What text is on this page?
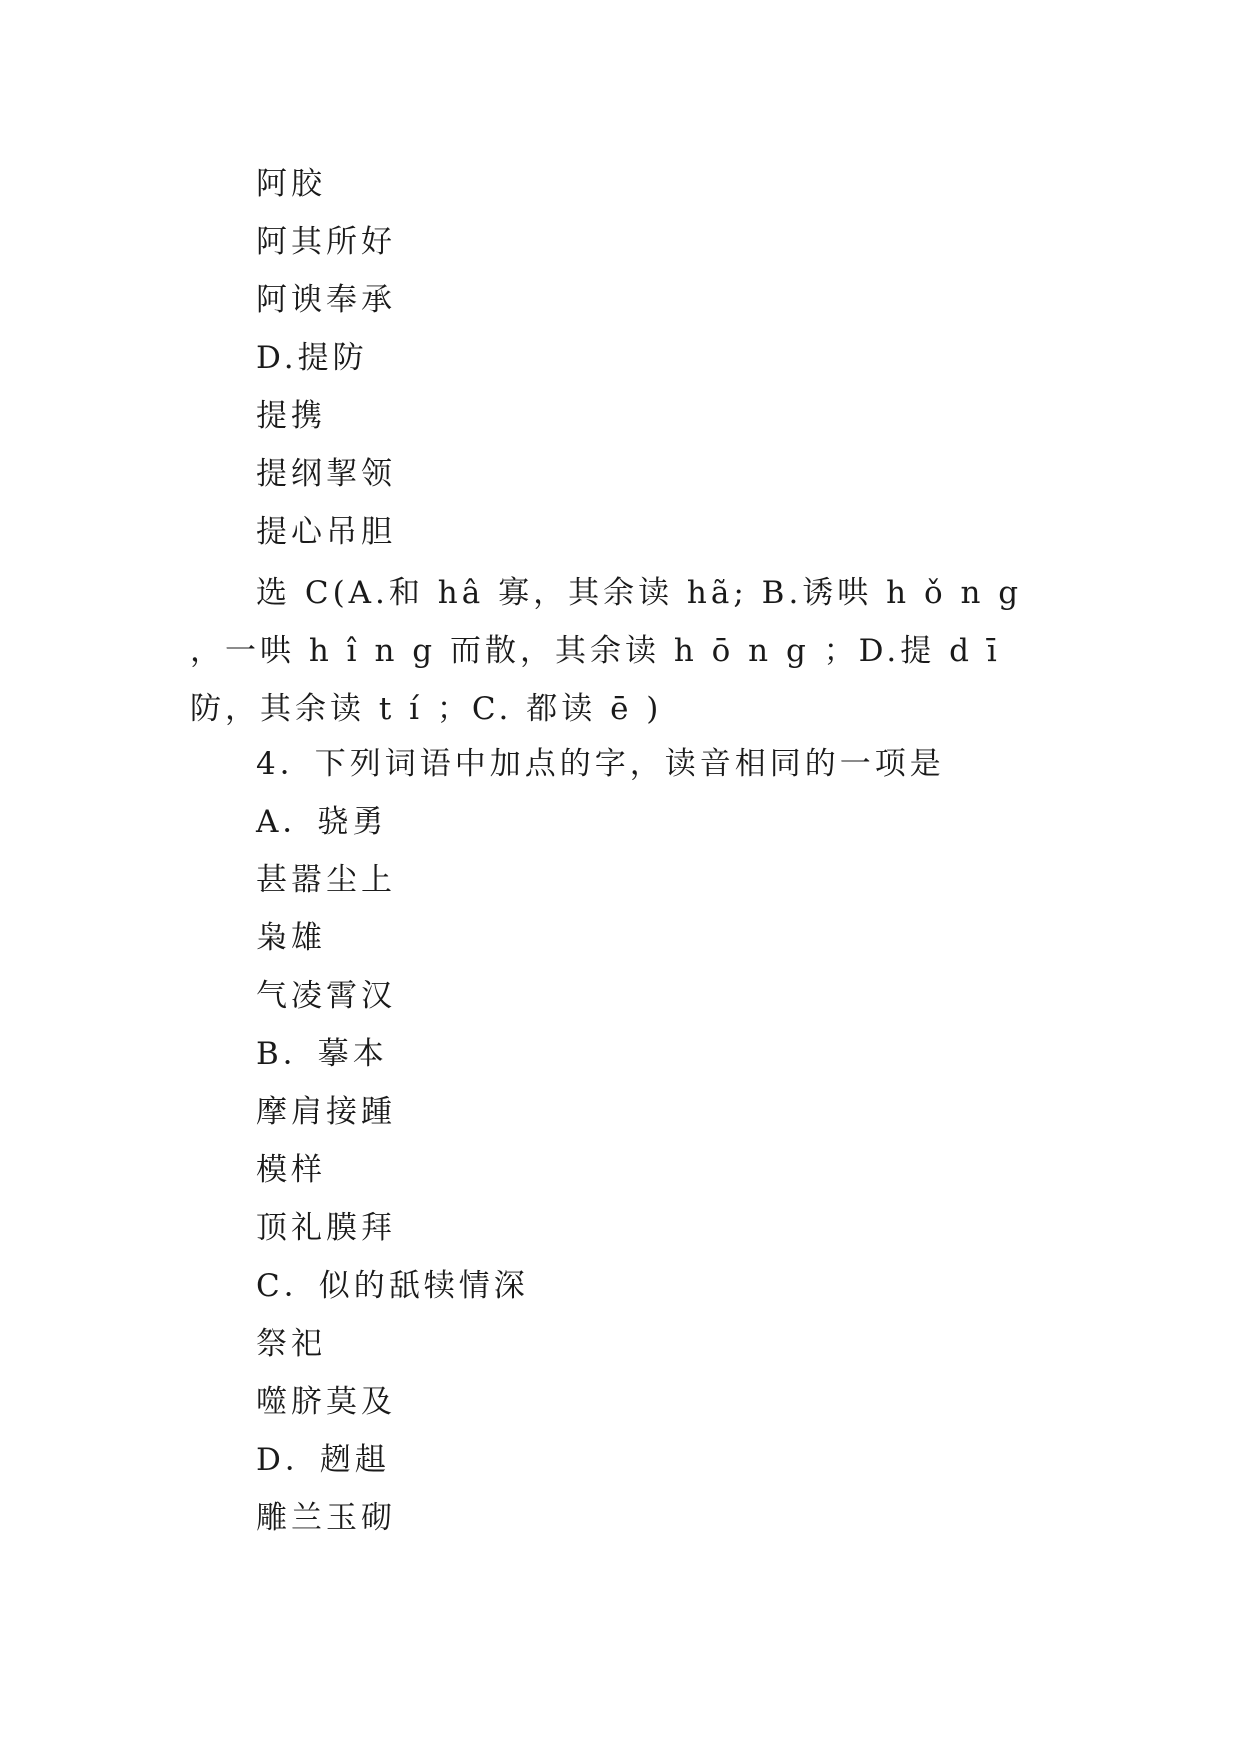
阿胶
阿其所好
阿谀奉承
D.提防
提携
提纲挈领
提心吊胆
选 C(A.和 hâ 寡，其余读 hã; B.诱哄 h ǒ n g ，一哄 h î n g 而散，其余读 h ō n g ；D.提 d ī 防，其余读 t í ；C. 都读 ē )
4．下列词语中加点的字，读音相同的一项是
A．骁勇
甚嚣尘上
枭雄
气凌霄汉
B．摹本
摩肩接踵
模样
顶礼膜拜
C．似的舐犊情深
祭祀
噬脐莫及
D．趔趄
雕兰玉砌
